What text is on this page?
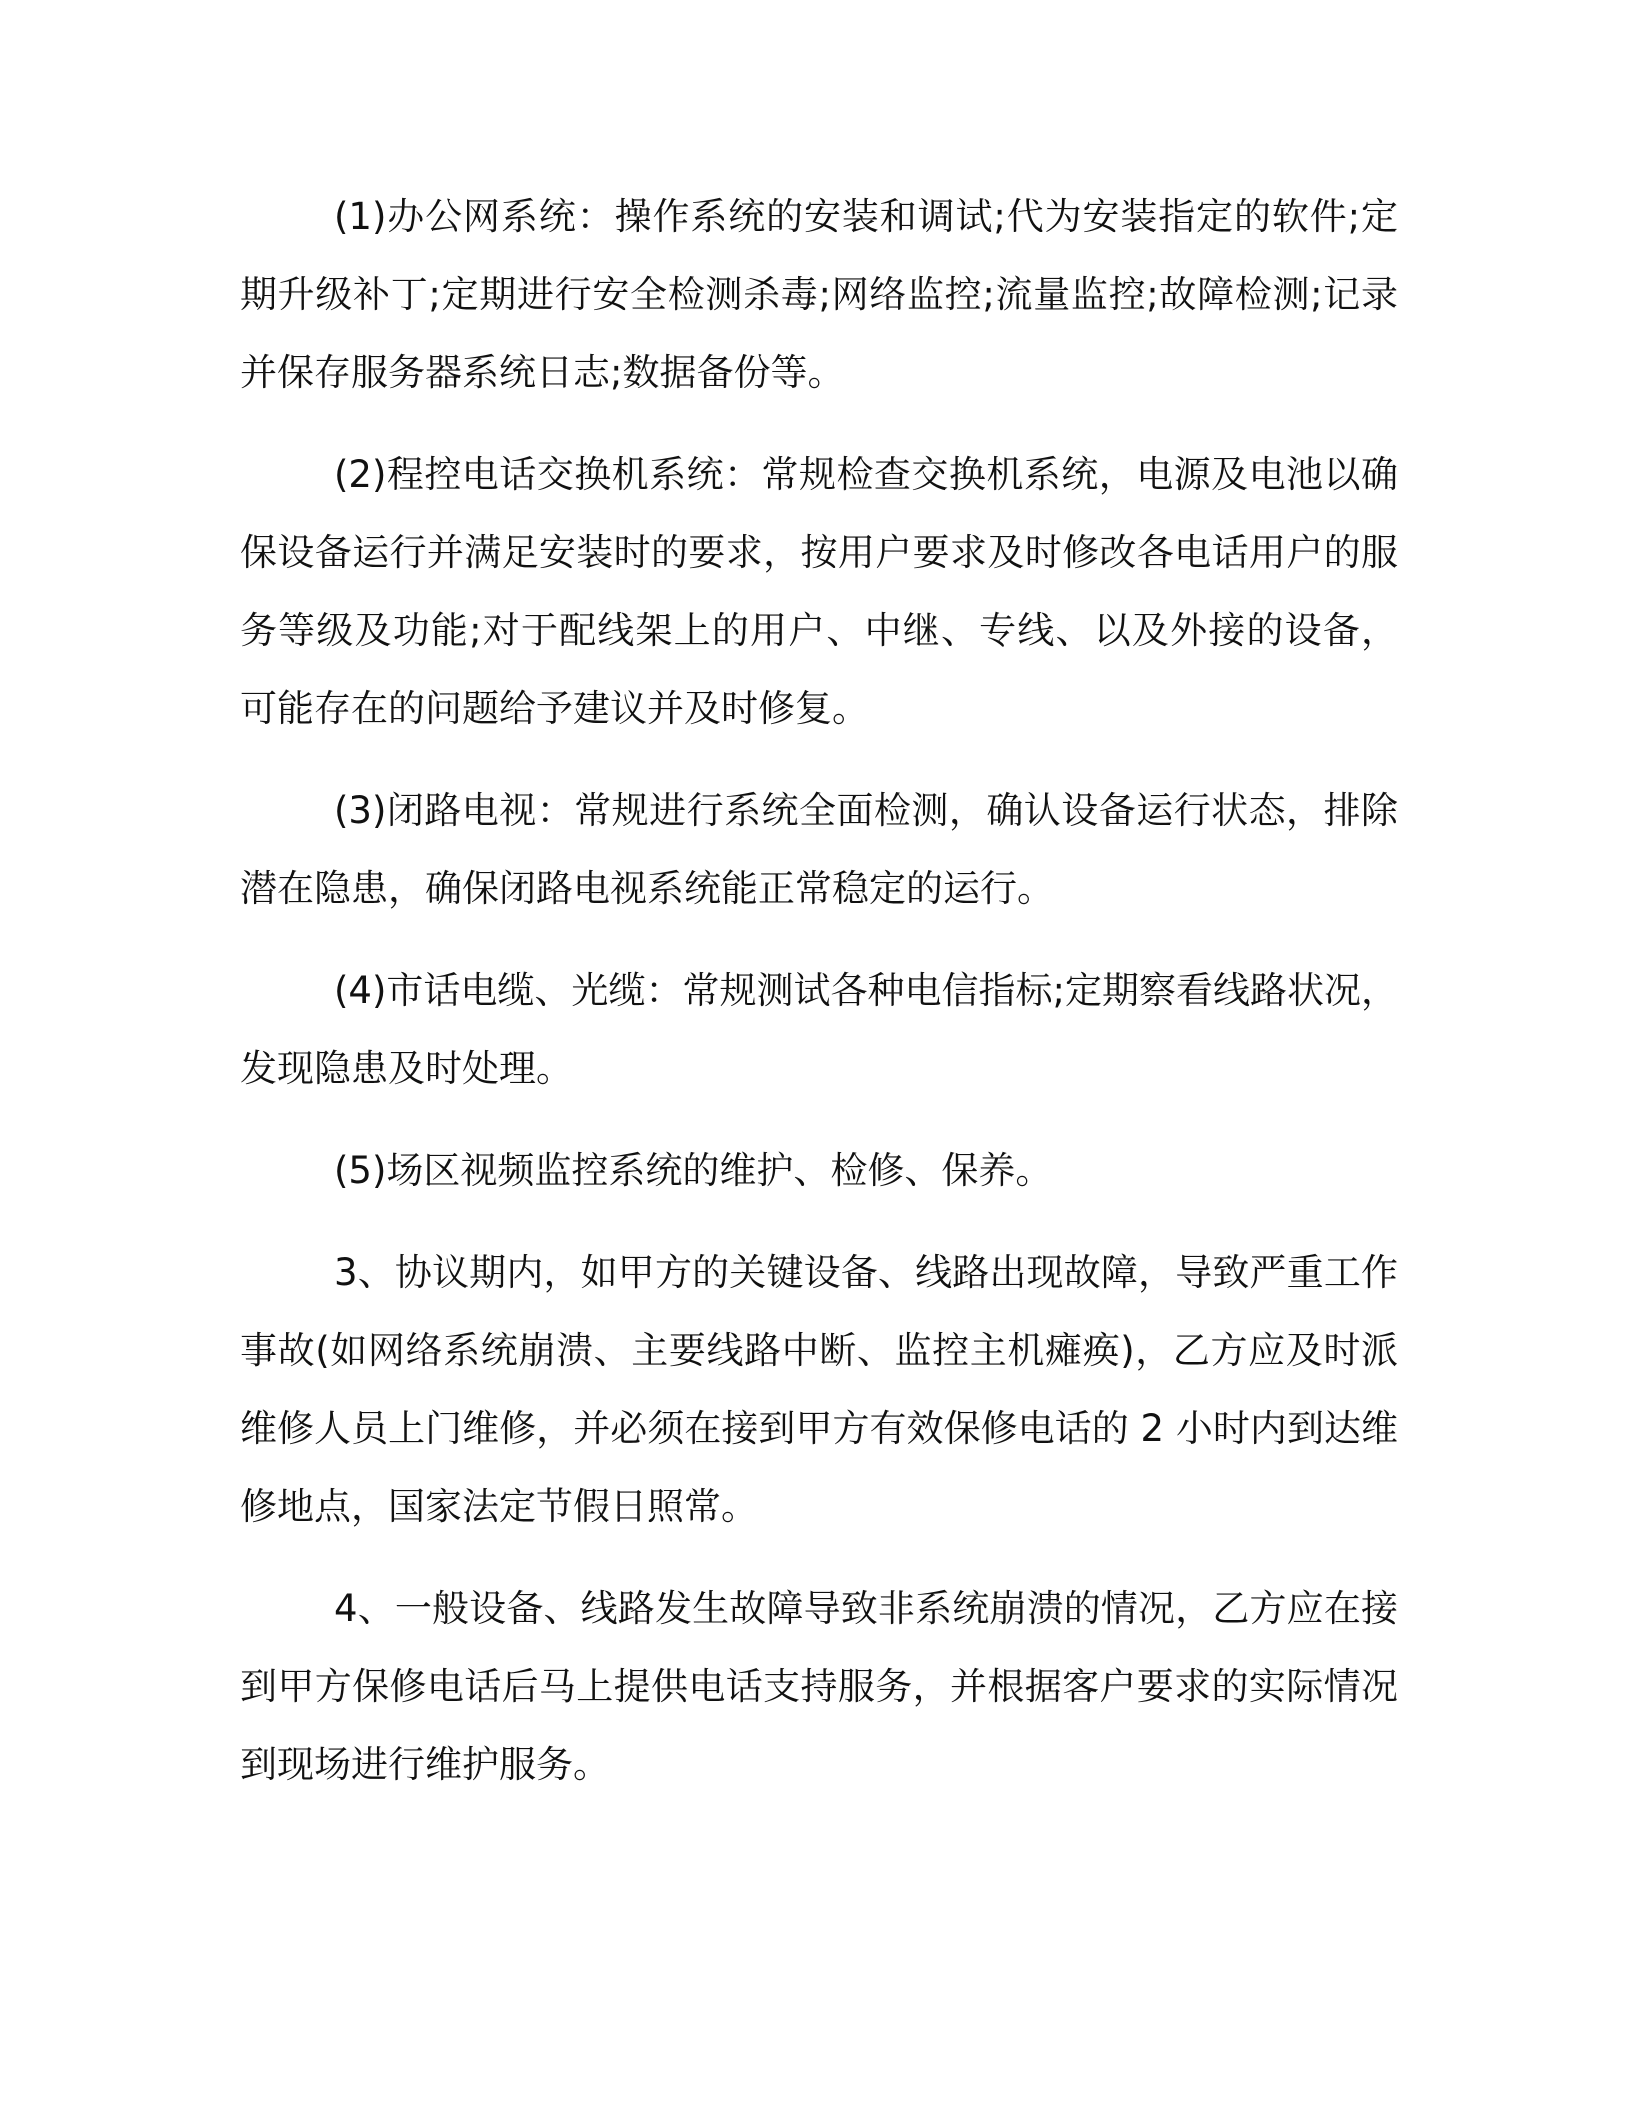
(1)办公网系统：操作系统的安装和调试;代为安装指定的软件;定期升级补丁;定期进行安全检测杀毒;网络监控;流量监控;故障检测;记录并保存服务器系统日志;数据备份等。

(2)程控电话交换机系统：常规检查交换机系统，电源及电池以确保设备运行并满足安装时的要求，按用户要求及时修改各电话用户的服务等级及功能;对于配线架上的用户、中继、专线、以及外接的设备，可能存在的问题给予建议并及时修复。

(3)闭路电视：常规进行系统全面检测，确认设备运行状态，排除潜在隐患，确保闭路电视系统能正常稳定的运行。

(4)市话电缆、光缆：常规测试各种电信指标;定期察看线路状况，发现隐患及时处理。

(5)场区视频监控系统的维护、检修、保养。

3、协议期内，如甲方的关键设备、线路出现故障，导致严重工作事故(如网络系统崩溃、主要线路中断、监控主机瘫痪)，乙方应及时派维修人员上门维修，并必须在接到甲方有效保修电话的 2 小时内到达维修地点，国家法定节假日照常。

4、一般设备、线路发生故障导致非系统崩溃的情况，乙方应在接到甲方保修电话后马上提供电话支持服务，并根据客户要求的实际情况到现场进行维护服务。
